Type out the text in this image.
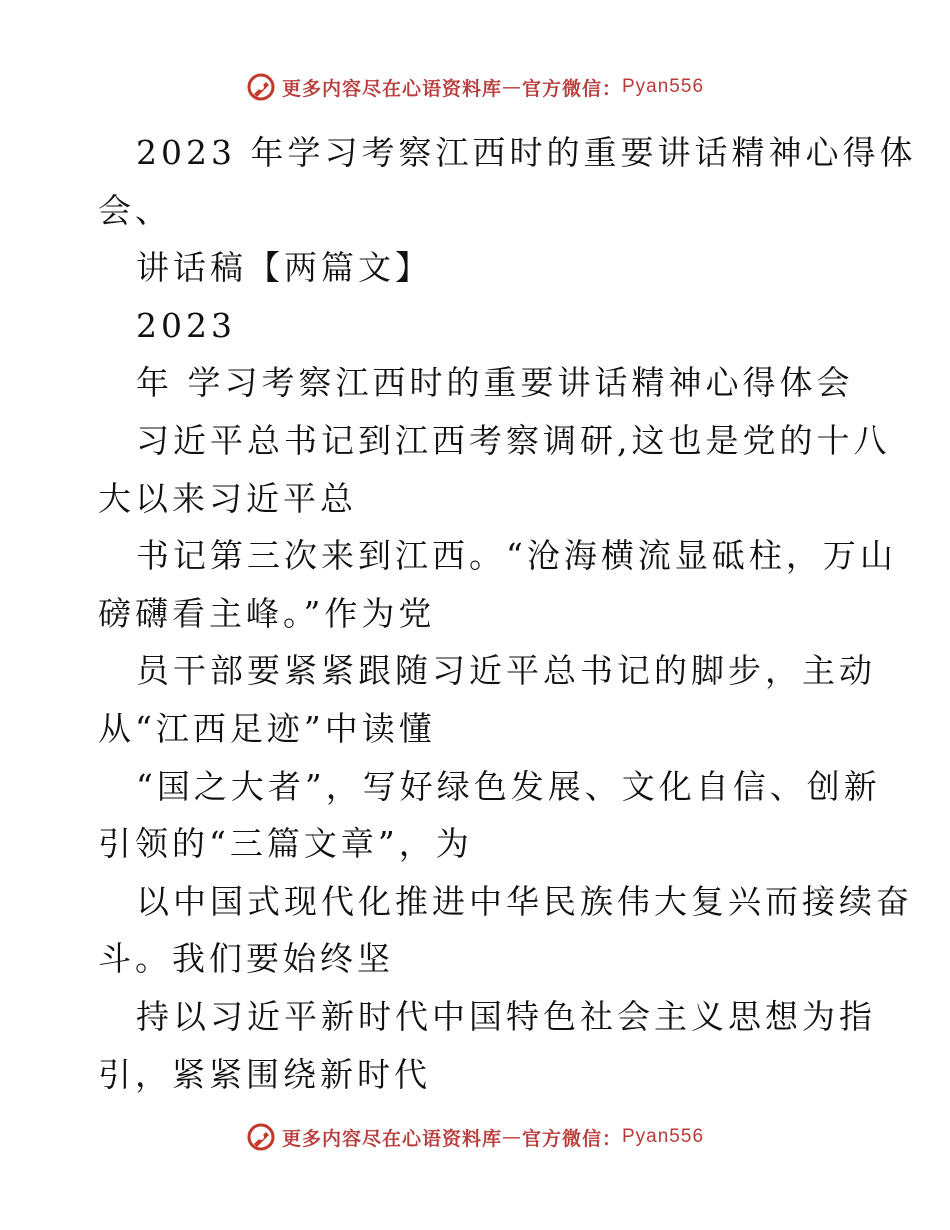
更多内容尽在心语资料库 — 官方微信： Pyan556

2023 年学习考察江西时的重要讲话精神心得体

会、

讲话稿【两篇文】

2023

年 学习考察江西时的重要讲话精神心得体会

习近平总书记到江西考察调研,这也是党的十八

大以来习近平总

书记第三次来到江西。“沧海横流显砥柱，万山

磅礴看主峰。”作为党

员干部要紧紧跟随习近平总书记的脚步，主动

从“江西足迹”中读懂

“国之大者”，写好绿色发展、文化自信、创新

引领的“三篇文章”，为

以中国式现代化推进中华民族伟大复兴而接续奋

斗。我们要始终坚

持以习近平新时代中国特色社会主义思想为指

引，紧紧围绕新时代

更多内容尽在心语资料库 — 官方微信： Pyan556
